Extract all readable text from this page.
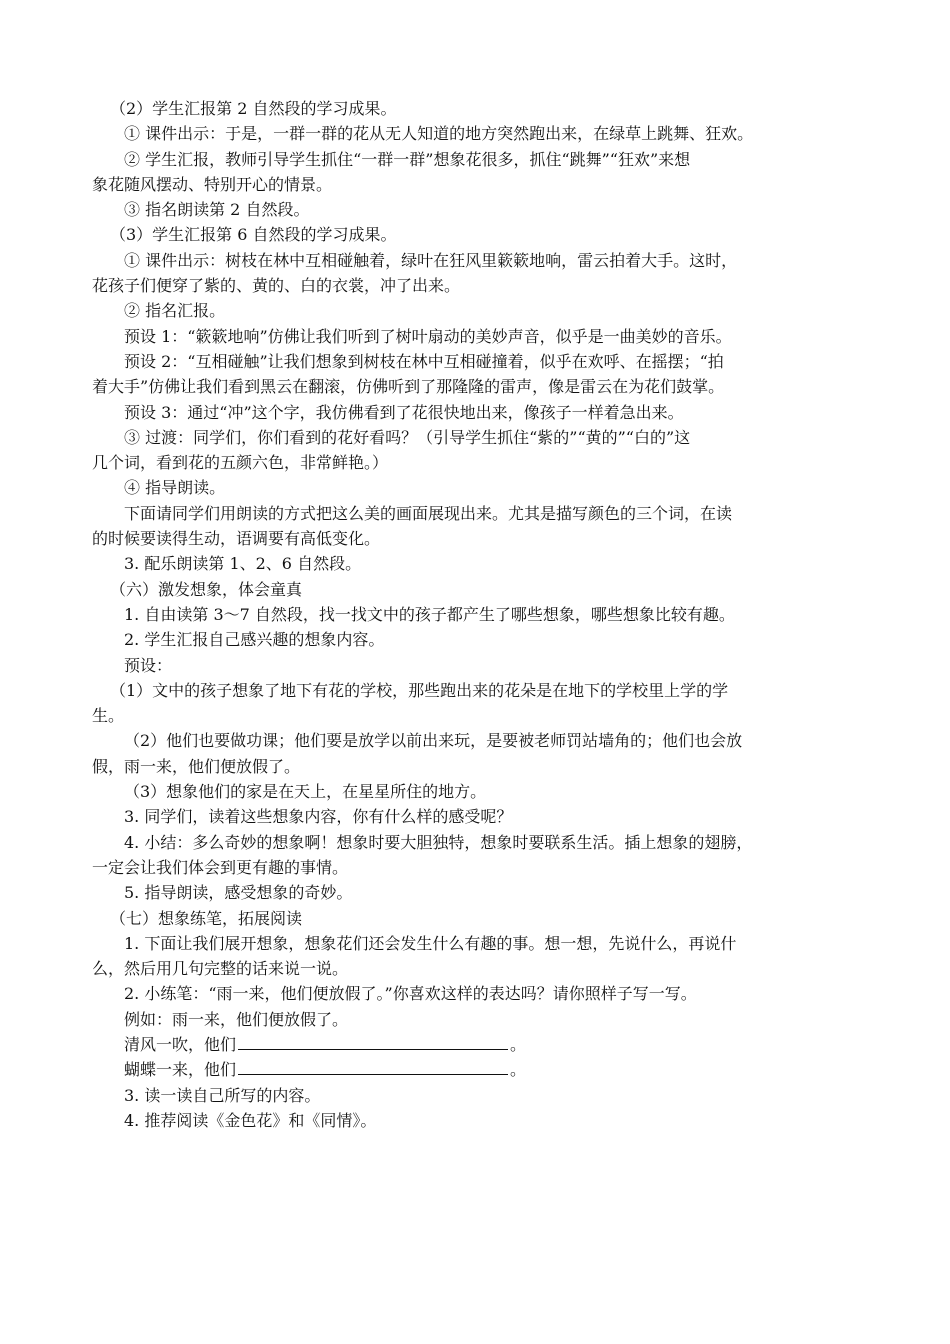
（2）学生汇报第 2 自然段的学习成果。
① 课件出示：于是，一群一群的花从无人知道的地方突然跑出来，在绿草上跳舞、狂欢。
② 学生汇报，教师引导学生抓住“一群一群”想象花很多，抓住“跳舞”“狂欢”来想
象花随风摆动、特别开心的情景。
③ 指名朗读第 2 自然段。
（3）学生汇报第 6 自然段的学习成果。
① 课件出示：树枝在林中互相碰触着，绿叶在狂风里簌簌地响，雷云拍着大手。这时，
花孩子们便穿了紫的、黄的、白的衣裳，冲了出来。
② 指名汇报。
预设 1：“簌簌地响”仿佛让我们听到了树叶扇动的美妙声音，似乎是一曲美妙的音乐。
预设 2：“互相碰触”让我们想象到树枝在林中互相碰撞着，似乎在欢呼、在摇摆；“拍
着大手”仿佛让我们看到黑云在翻滚，仿佛听到了那隆隆的雷声，像是雷云在为花们鼓掌。
预设 3：通过“冲”这个字，我仿佛看到了花很快地出来，像孩子一样着急出来。
③ 过渡：同学们，你们看到的花好看吗？（引导学生抓住“紫的”“黄的”“白的”这
几个词，看到花的五颜六色，非常鲜艳。）
④ 指导朗读。
下面请同学们用朗读的方式把这么美的画面展现出来。尤其是描写颜色的三个词，在读
的时候要读得生动，语调要有高低变化。
3. 配乐朗读第 1、2、6 自然段。
（六）激发想象，体会童真
1. 自由读第 3～7 自然段，找一找文中的孩子都产生了哪些想象，哪些想象比较有趣。
2. 学生汇报自己感兴趣的想象内容。
预设：
（1）文中的孩子想象了地下有花的学校，那些跑出来的花朵是在地下的学校里上学的学
生。
（2）他们也要做功课；他们要是放学以前出来玩，是要被老师罚站墙角的；他们也会放
假，雨一来，他们便放假了。
（3）想象他们的家是在天上，在星星所住的地方。
3. 同学们，读着这些想象内容，你有什么样的感受呢？
4. 小结：多么奇妙的想象啊！想象时要大胆独特，想象时要联系生活。插上想象的翅膀，
一定会让我们体会到更有趣的事情。
5. 指导朗读，感受想象的奇妙。
（七）想象练笔，拓展阅读
1. 下面让我们展开想象，想象花们还会发生什么有趣的事。想一想，先说什么，再说什
么，然后用几句完整的话来说一说。
2. 小练笔：“雨一来，他们便放假了。”你喜欢这样的表达吗？请你照样子写一写。
例如：雨一来，他们便放假了。
清风一吹，他们	。
蝴蝶一来，他们	。
3. 读一读自己所写的内容。
4. 推荐阅读《金色花》和《同情》。
